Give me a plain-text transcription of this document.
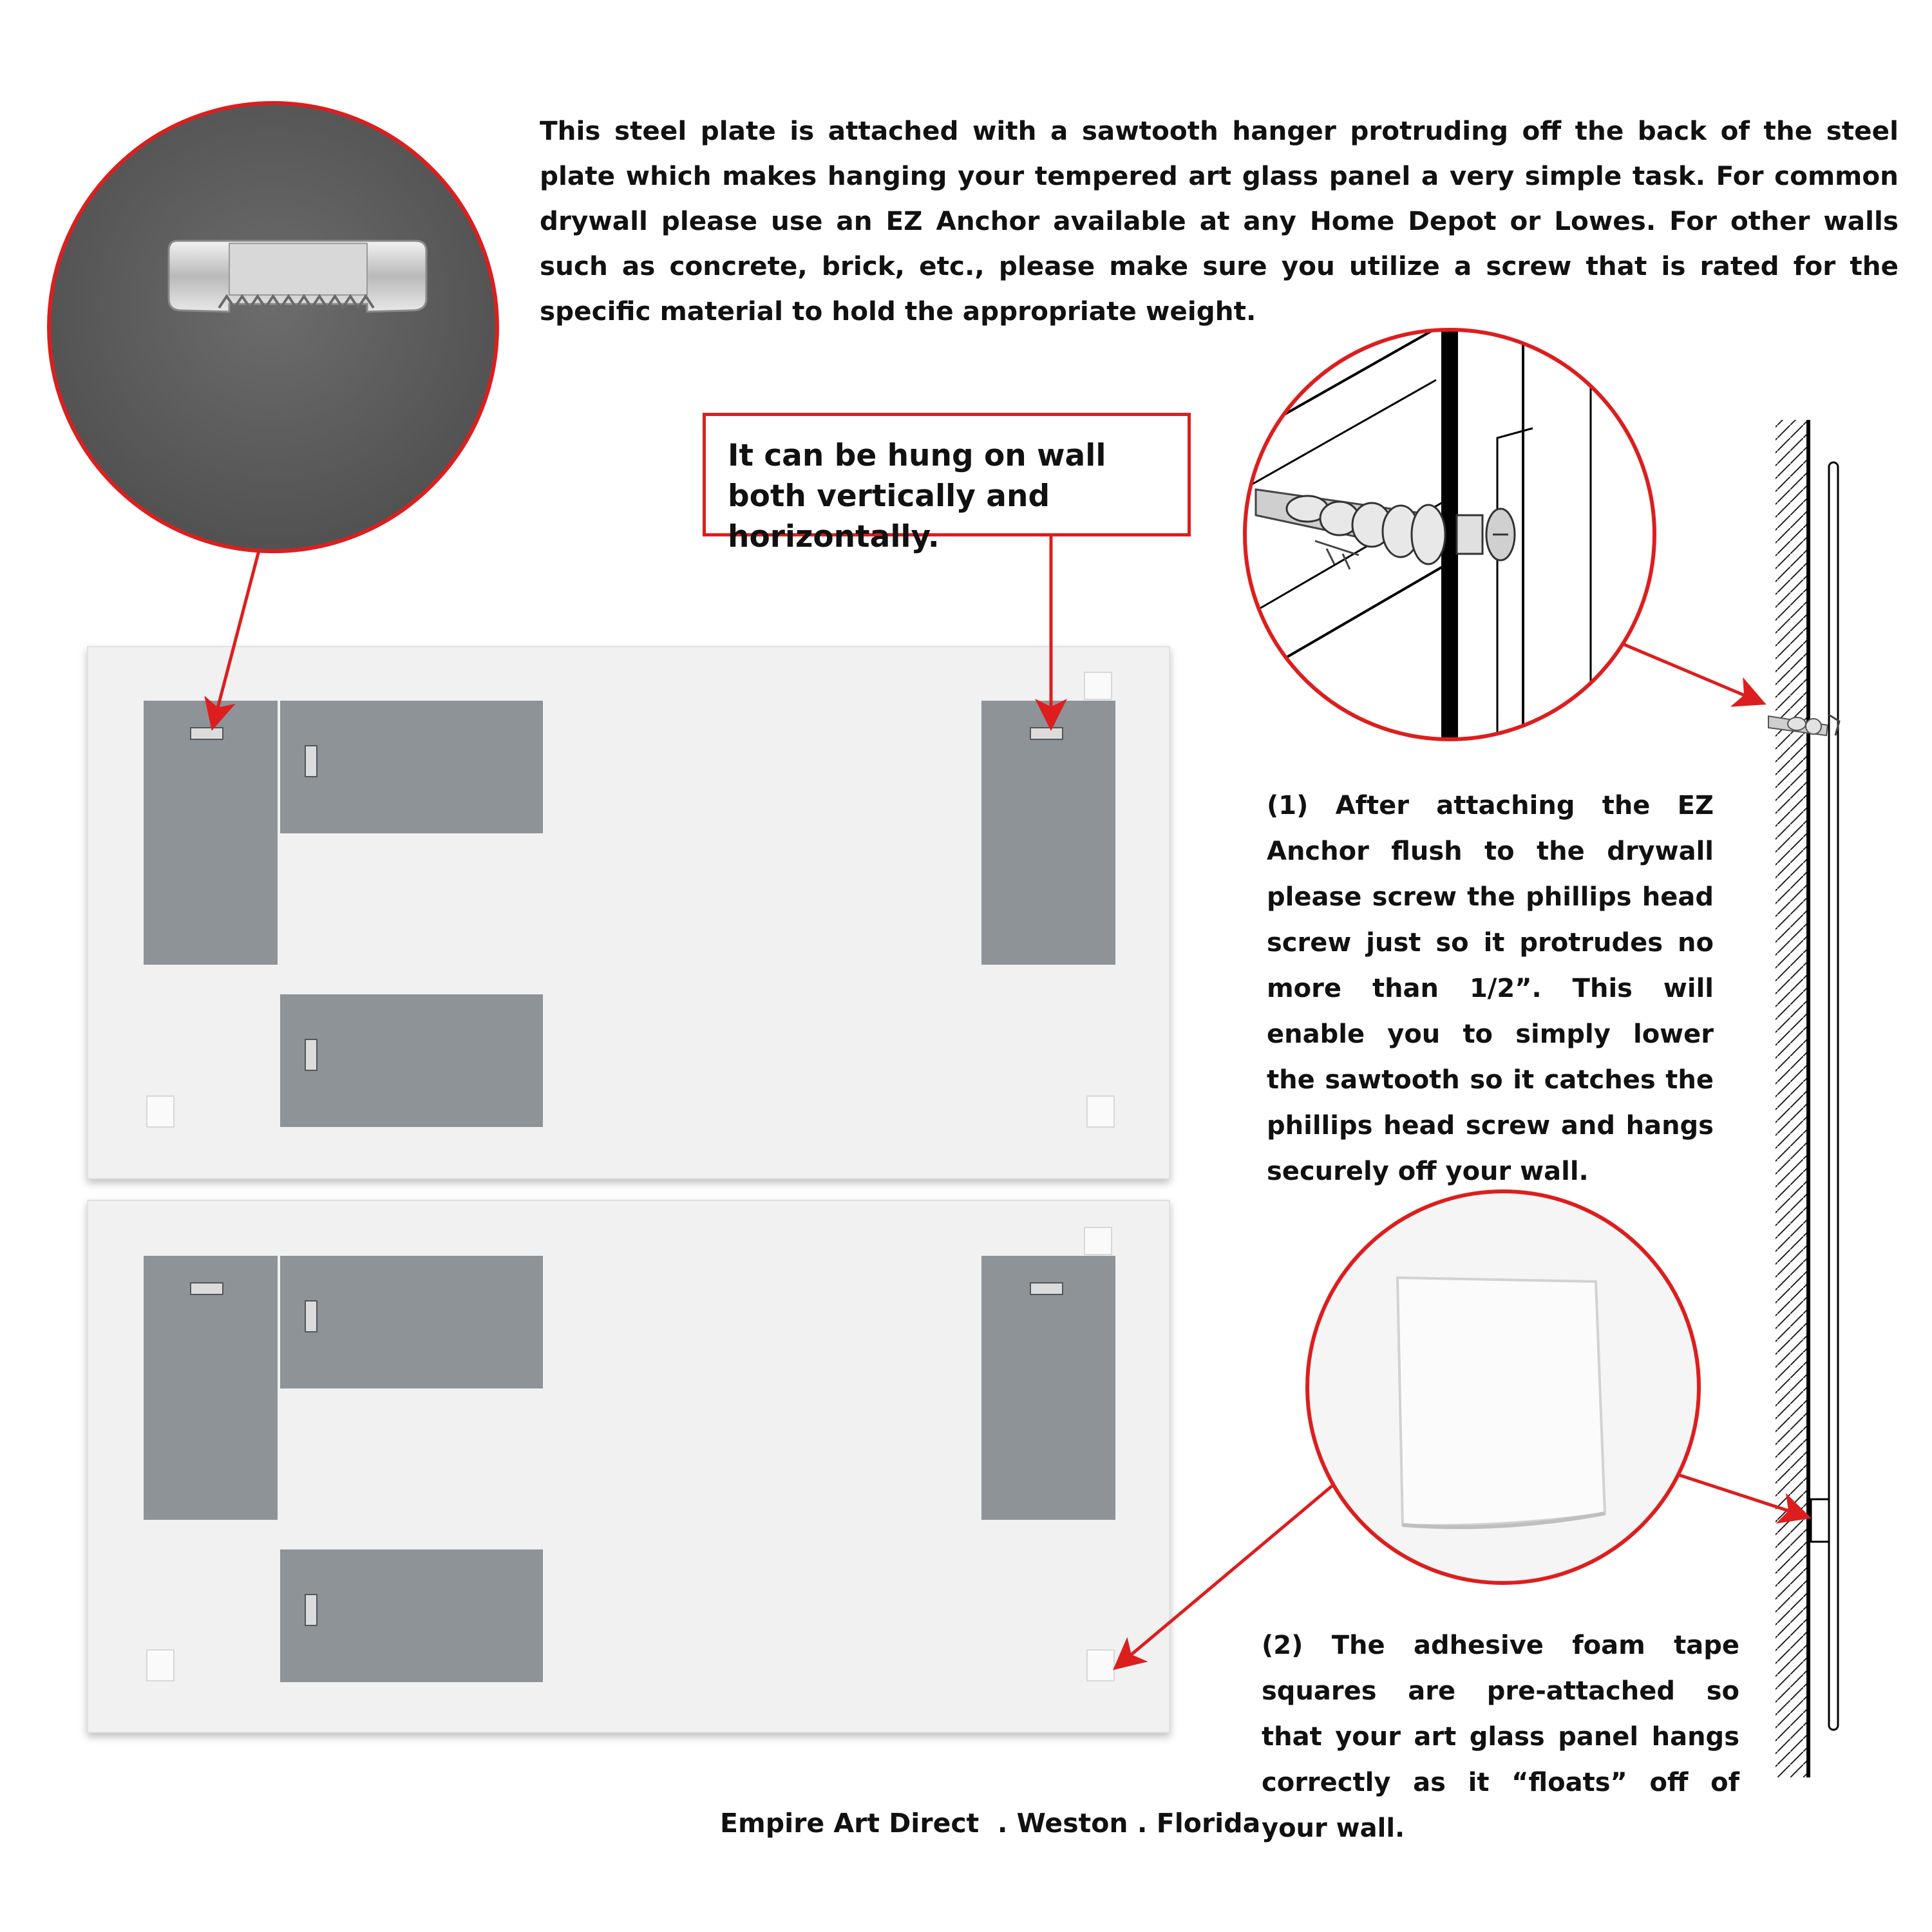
This steel plate is attached with a sawtooth hanger protruding off the back of the steel plate which makes hanging your tempered art glass panel a very simple task. For common drywall please use an EZ Anchor available at any Home Depot or Lowes. For other walls such as concrete, brick, etc., please make sure you utilize a screw that is rated for the specific material to hold the appropriate weight.

It can be hung on wall both vertically and horizontally.

(1) After attaching the EZ Anchor flush to the drywall please screw the phillips head screw just so it protrudes no more than 1/2”. This will enable you to simply lower the sawtooth so it catches the phillips head screw and hangs securely off your wall.

(2) The adhesive foam tape squares are pre-attached so that your art glass panel hangs correctly as it “floats” off of your wall.

Empire Art Direct  . Weston . Florida
